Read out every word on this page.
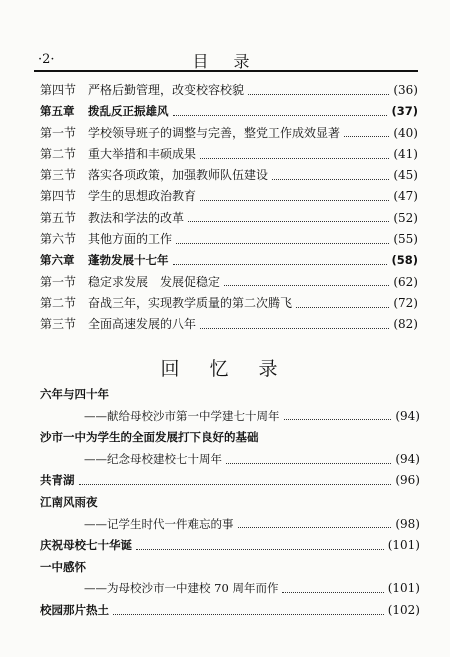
·2·	目 录
第四节 严格后勤管理，改变校容校貌	(36)
第五章	拨乱反正振雄风	(37)
第一节 学校领导班子的调整与完善，整党工作成效显著	(40)
第二节 重大举措和丰硕成果	(41)
第三节 落实各项政策，加强教师队伍建设	(45)
第四节 学生的思想政治教育	(47)
第五节 教法和学法的改革	(52)
第六节 其他方面的工作	(55)
第六章	蓬勃发展十七年	(58)
第一节 稳定求发展　发展促稳定	(62)
第二节 奋战三年，实现教学质量的第二次腾飞	(72)
第三节 全面高速发展的八年	(82)
回 忆 录
六年与四十年
——献给母校沙市第一中学建七十周年	(94)
沙市一中为学生的全面发展打下良好的基础
——纪念母校建校七十周年	(94)
共青湖	(96)
江南风雨夜
——记学生时代一件难忘的事	(98)
庆祝母校七十华诞	(101)
一中感怀
——为母校沙市一中建校 70 周年而作	(101)
校园那片热土	(102)
